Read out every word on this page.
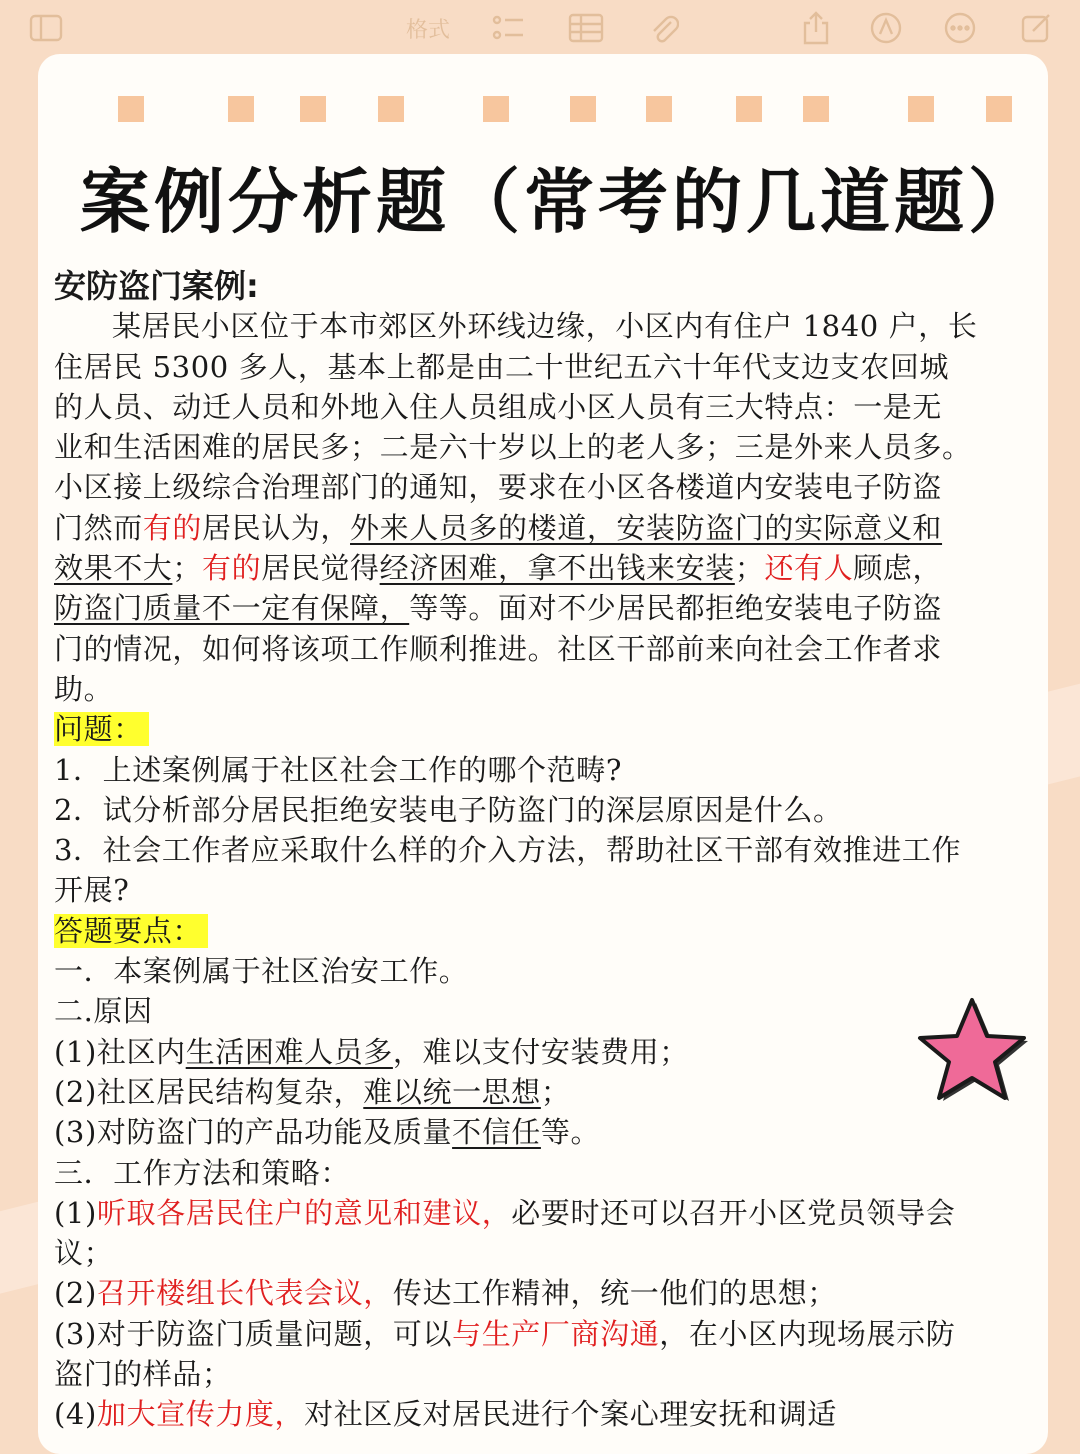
格式
案例分析题（常考的几道题）
安防盗门案例:
某居民小区位于本市郊区外环线边缘，小区内有住户 1840 户，长
住居民 5300 多人，基本上都是由二十世纪五六十年代支边支农回城
的人员、动迁人员和外地入住人员组成小区人员有三大特点：一是无
业和生活困难的居民多；二是六十岁以上的老人多；三是外来人员多。
小区接上级综合治理部门的通知，要求在小区各楼道内安装电子防盗
门然而有的居民认为，外来人员多的楼道，安装防盗门的实际意义和
效果不大；有的居民觉得经济困难，拿不出钱来安装；还有人顾虑，
防盗门质量不一定有保障，等等。面对不少居民都拒绝安装电子防盗
门的情况，如何将该项工作顺利推进。社区干部前来向社会工作者求
助。
问题：
1．上述案例属于社区社会工作的哪个范畴?
2．试分析部分居民拒绝安装电子防盗门的深层原因是什么。
3．社会工作者应采取什么样的介入方法，帮助社区干部有效推进工作
开展?
答题要点：
一．本案例属于社区治安工作。
二.原因
(1)社区内生活困难人员多，难以支付安装费用；
(2)社区居民结构复杂，难以统一思想；
(3)对防盗门的产品功能及质量不信任等。
三．工作方法和策略：
(1)听取各居民住户的意见和建议，必要时还可以召开小区党员领导会
议；
(2)召开楼组长代表会议，传达工作精神，统一他们的思想；
(3)对于防盗门质量问题，可以与生产厂商沟通，在小区内现场展示防
盗门的样品；
(4)加大宣传力度，对社区反对居民进行个案心理安抚和调适
